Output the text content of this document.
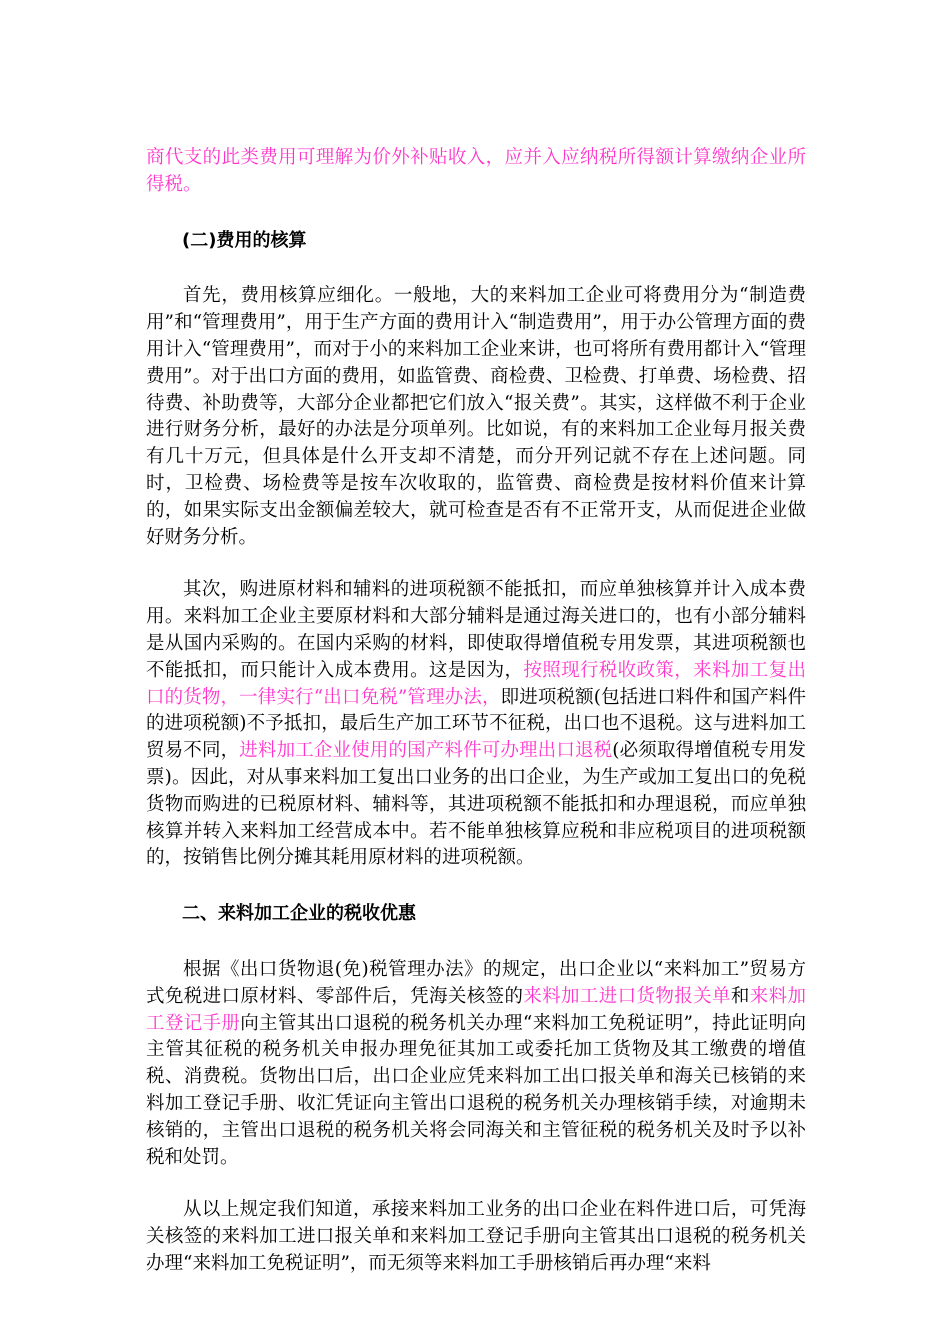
商代支的此类费用可理解为价外补贴收入，应并入应纳税所得额计算缴纳企业所得税。

(二)费用的核算

首先，费用核算应细化。一般地，大的来料加工企业可将费用分为“制造费用”和“管理费用”，用于生产方面的费用计入“制造费用”，用于办公管理方面的费用计入“管理费用”，而对于小的来料加工企业来讲，也可将所有费用都计入“管理费用”。对于出口方面的费用，如监管费、商检费、卫检费、打单费、场检费、招待费、补助费等，大部分企业都把它们放入“报关费”。其实，这样做不利于企业进行财务分析，最好的办法是分项单列。比如说，有的来料加工企业每月报关费有几十万元，但具体是什么开支却不清楚，而分开列记就不存在上述问题。同时，卫检费、场检费等是按车次收取的，监管费、商检费是按材料价值来计算的，如果实际支出金额偏差较大，就可检查是否有不正常开支，从而促进企业做好财务分析。

其次，购进原材料和辅料的进项税额不能抵扣，而应单独核算并计入成本费用。来料加工企业主要原材料和大部分辅料是通过海关进口的，也有小部分辅料是从国内采购的。在国内采购的材料，即使取得增值税专用发票，其进项税额也不能抵扣，而只能计入成本费用。这是因为，按照现行税收政策，来料加工复出口的货物，一律实行“出口免税”管理办法，即进项税额(包括进口料件和国产料件的进项税额)不予抵扣，最后生产加工环节不征税，出口也不退税。这与进料加工贸易不同，进料加工企业使用的国产料件可办理出口退税(必须取得增值税专用发票)。因此，对从事来料加工复出口业务的出口企业，为生产或加工复出口的免税货物而购进的已税原材料、辅料等，其进项税额不能抵扣和办理退税，而应单独核算并转入来料加工经营成本中。若不能单独核算应税和非应税项目的进项税额的，按销售比例分摊其耗用原材料的进项税额。

二、来料加工企业的税收优惠

根据《出口货物退(免)税管理办法》的规定，出口企业以“来料加工”贸易方式免税进口原材料、零部件后，凭海关核签的来料加工进口货物报关单和来料加工登记手册向主管其出口退税的税务机关办理“来料加工免税证明”，持此证明向主管其征税的税务机关申报办理免征其加工或委托加工货物及其工缴费的增值税、消费税。货物出口后，出口企业应凭来料加工出口报关单和海关已核销的来料加工登记手册、收汇凭证向主管出口退税的税务机关办理核销手续，对逾期未核销的，主管出口退税的税务机关将会同海关和主管征税的税务机关及时予以补税和处罚。

从以上规定我们知道，承接来料加工业务的出口企业在料件进口后，可凭海关核签的来料加工进口报关单和来料加工登记手册向主管其出口退税的税务机关办理“来料加工免税证明”，而无须等来料加工手册核销后再办理“来料
